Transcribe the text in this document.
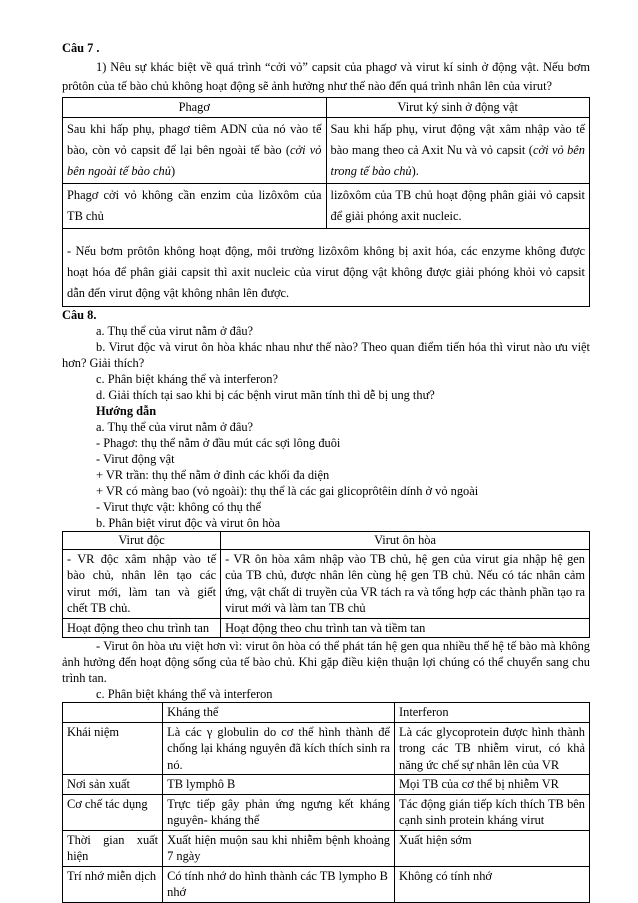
Câu 7 .

1) Nêu sự khác biệt về quá trình “cởi vỏ” capsit của phagơ và virut kí sinh ở động vật. Nếu bơm prôtôn của tế bào chủ không hoạt động sẽ ảnh hưởng như thế nào đến quá trình nhân lên của virut?

Phagơ	Virut ký sinh ở động vật
Sau khi hấp phụ, phagơ tiêm ADN của nó vào tế bào, còn vỏ capsit để lại bên ngoài tế bào (cởi vỏ bên ngoài tế bào chủ)	Sau khi hấp phụ, virut động vật xâm nhập vào tế bào mang theo cả Axit Nu và vỏ capsit (cởi vỏ bên trong tế bào chủ).
Phagơ cởi vỏ không cần enzim của lizôxôm của TB chủ	lizôxôm của TB chủ hoạt động phân giải vỏ capsit để giải phóng axit nucleic.
- Nếu bơm prôtôn không hoạt động, môi trường lizôxôm không bị axit hóa, các enzyme không được hoạt hóa để phân giải capsit thì axit nucleic của virut động vật không được giải phóng khỏi vỏ capsit dẫn đến virut động vật không nhân lên được.

Câu 8.

a. Thụ thể của virut nằm ở đâu?

b. Virut độc và virut ôn hòa khác nhau như thế nào? Theo quan điểm tiến hóa thì virut nào ưu việt hơn? Giải thích?

c. Phân biệt kháng thể và interferon?

d. Giải thích tại sao khi bị các bệnh virut mãn tính thì dễ bị ung thư?

Hướng dẫn

a. Thụ thể của virut nằm ở đâu?

- Phagơ: thụ thể nằm ở đầu mút các sợi lông đuôi

- Virut động vật

+ VR trần: thụ thể nằm ở đỉnh các khối đa diện

+ VR có màng bao (vỏ ngoài): thụ thể là các gai glicoprôtêin dính ở vỏ ngoài

- Virut thực vật: không có thụ thể

b. Phân biệt virut độc và virut ôn hòa

Virut độc	Virut ôn hòa
- VR độc xâm nhập vào tế bào chủ, nhân lên tạo các virut mới, làm tan và giết chết TB chủ.	- VR ôn hòa xâm nhập vào TB chủ, hệ gen của virut gia nhập hệ gen của TB chủ, được nhân lên cùng hệ gen TB chủ. Nếu có tác nhân cảm ứng, vật chất di truyền của VR tách ra và tổng hợp các thành phần tạo ra virut mới và làm tan TB chủ
Hoạt động theo chu trình tan	Hoạt động theo chu trình tan và tiềm tan

- Virut ôn hòa ưu việt hơn vì: virut ôn hòa có thể phát tán hệ gen qua nhiều thế hệ tế bào mà không ảnh hưởng đến hoạt động sống của tế bào chủ. Khi gặp điều kiện thuận lợi chúng có thể chuyển sang chu trình tan.

c. Phân biệt kháng thể và interferon

	Kháng thể	Interferon
Khái niệm	Là các γ globulin do cơ thể hình thành để chống lại kháng nguyên đã kích thích sinh ra nó.	Là các glycoprotein được hình thành trong các TB nhiễm virut, có khả năng ức chế sự nhân lên của VR
Nơi sản xuất	TB lymphô B	Mọi TB của cơ thể bị nhiễm VR
Cơ chế tác dụng	Trực tiếp gây phản ứng ngưng kết kháng nguyên- kháng thể	Tác động gián tiếp kích thích TB bên cạnh sinh protein kháng virut
Thời gian xuất hiện	Xuất hiện muộn sau khi nhiễm bệnh khoảng 7 ngày	Xuất hiện sớm
Trí nhớ miễn dịch	Có tính nhớ do hình thành các TB lympho B nhớ	Không có tính nhớ
